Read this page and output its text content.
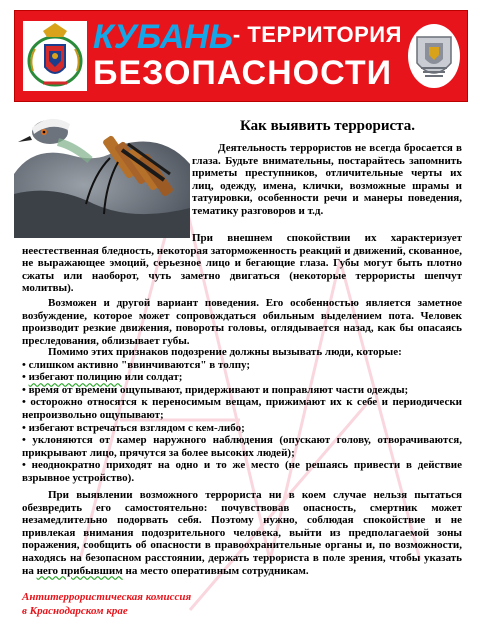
КУБАНЬ- ТЕРРИТОРИЯ
БЕЗОПАСНОСТИ
Как выявить террориста.
Деятельность террористов не всегда бросается в глаза. Будьте внимательны, постарайтесь запомнить приметы преступников, отличительные черты их лиц, одежду, имена, клички, возможные шрамы и татуировки, особенности речи и манеры поведения, тематику разговоров и т.д.
При внешнем спокойствии их характеризует неестественная бледность, некоторая заторможенность реакций и движений, скованное, не выражающее эмоций, серьезное лицо и бегающие глаза. Губы могут быть плотно сжаты или наоборот, чуть заметно двигаться (некоторые террористы шепчут молитвы).
Возможен и другой вариант поведения. Его особенностью является заметное возбуждение, которое может сопровождаться обильным выделением пота. Человек производит резкие движения, повороты головы, оглядывается назад, как бы опасаясь преследования, облизывает губы.
Помимо этих признаков подозрение должны вызывать люди, которые:
• слишком активно "ввинчиваются" в толпу;
• избегают полицию или солдат;
• время от времени ощупывают, придерживают и поправляют части одежды;
• осторожно относятся к переносимым вещам, прижимают их к себе и периодически непроизвольно ощупывают;
• избегают встречаться взглядом с кем-либо;
• уклоняются от камер наружного наблюдения (опускают голову, отворачиваются, прикрывают лицо, прячутся за более высоких людей);
• неоднократно приходят на одно и то же место (не решаясь привести в действие взрывное устройство).
При выявлении возможного террориста ни в коем случае нельзя пытаться обезвредить его самостоятельно: почувствовав опасность, смертник может незамедлительно подорвать себя. Поэтому нужно, соблюдая спокойствие и не привлекая внимания подозрительного человека, выйти из предполагаемой зоны поражения, сообщить об опасности в правоохранительные органы и, по возможности, находясь на безопасном расстоянии, держать террориста в поле зрения, чтобы указать на него прибывшим на место оперативным сотрудникам.
Антитеррористическая комиссия
в Краснодарском крае
